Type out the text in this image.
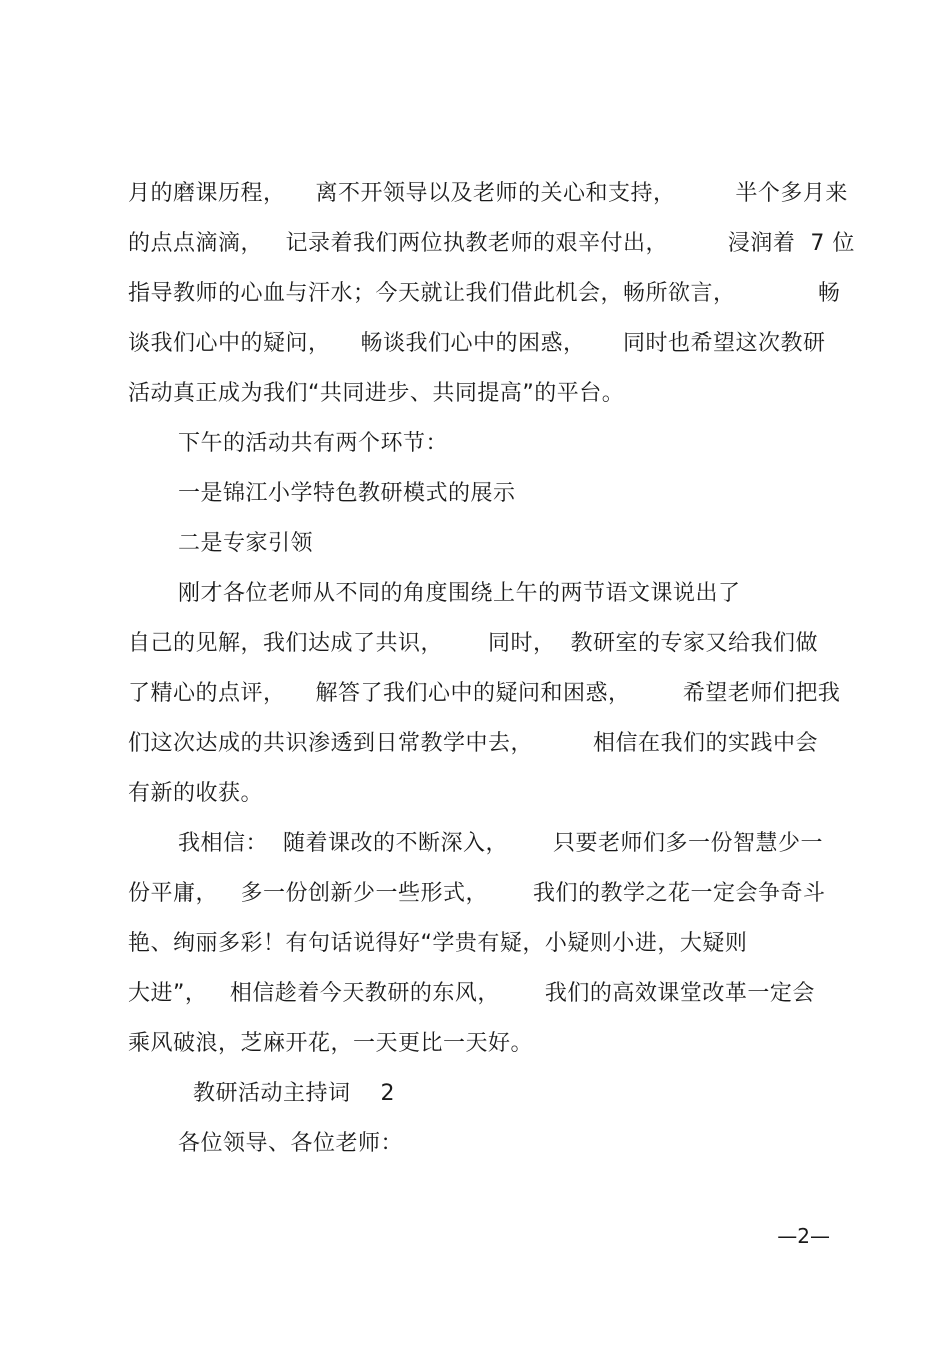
月的磨课历程，    离不开领导以及老师的关心和支持，        半个多月来
的点点滴滴，   记录着我们两位执教老师的艰辛付出，        浸润着  7 位
指导教师的心血与汗水；今天就让我们借此机会，畅所欲言，           畅
谈我们心中的疑问，    畅谈我们心中的困惑，     同时也希望这次教研
活动真正成为我们“共同进步、共同提高”的平台。
下午的活动共有两个环节：
一是锦江小学特色教研模式的展示
二是专家引领
刚才各位老师从不同的角度围绕上午的两节语文课说出了
自己的见解，我们达成了共识，      同时，  教研室的专家又给我们做
了精心的点评，    解答了我们心中的疑问和困惑，       希望老师们把我
们这次达成的共识渗透到日常教学中去，        相信在我们的实践中会
有新的收获。
我相信：  随着课改的不断深入，      只要老师们多一份智慧少一
份平庸，   多一份创新少一些形式，      我们的教学之花一定会争奇斗
艳、绚丽多彩！有句话说得好“学贵有疑，小疑则小进，大疑则
大进”，   相信趁着今天教研的东风，      我们的高效课堂改革一定会
乘风破浪，芝麻开花，一天更比一天好。
教研活动主持词    2
各位领导、各位老师：
—2—
